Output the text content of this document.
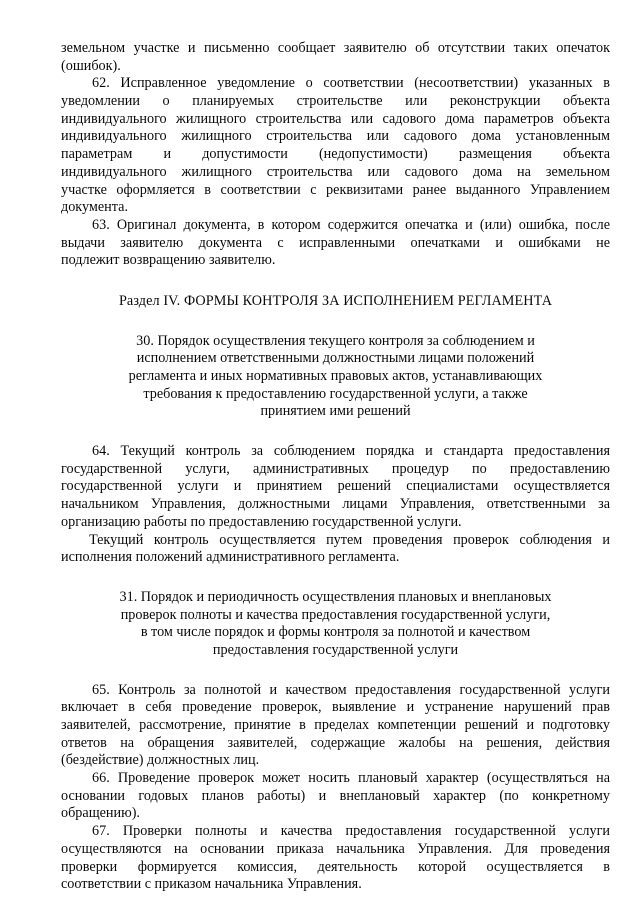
земельном участке и письменно сообщает заявителю об отсутствии таких опечаток
(ошибок).
62. Исправленное уведомление о соответствии (несоответствии) указанных в
уведомлении о планируемых строительстве или реконструкции объекта
индивидуального жилищного строительства или садового дома параметров объекта
индивидуального жилищного строительства или садового дома установленным
параметрам и допустимости (недопустимости) размещения объекта
индивидуального жилищного строительства или садового дома на земельном
участке оформляется в соответствии с реквизитами ранее выданного Управлением
документа.
63. Оригинал документа, в котором содержится опечатка и (или) ошибка, после
выдачи заявителю документа с исправленными опечатками и ошибками не
подлежит возвращению заявителю.
Раздел IV. ФОРМЫ КОНТРОЛЯ ЗА ИСПОЛНЕНИЕМ РЕГЛАМЕНТА
30. Порядок осуществления текущего контроля за соблюдением и
исполнением ответственными должностными лицами положений
регламента и иных нормативных правовых актов, устанавливающих
требования к предоставлению государственной услуги, а также
принятием ими решений
64. Текущий контроль за соблюдением порядка и стандарта предоставления
государственной услуги, административных процедур по предоставлению
государственной услуги и принятием решений специалистами осуществляется
начальником Управления, должностными лицами Управления, ответственными за
организацию работы по предоставлению государственной услуги.
Текущий контроль осуществляется путем проведения проверок соблюдения и
исполнения положений административного регламента.
31. Порядок и периодичность осуществления плановых и внеплановых
проверок полноты и качества предоставления государственной услуги,
в том числе порядок и формы контроля за полнотой и качеством
предоставления государственной услуги
65. Контроль за полнотой и качеством предоставления государственной услуги
включает в себя проведение проверок, выявление и устранение нарушений прав
заявителей, рассмотрение, принятие в пределах компетенции решений и подготовку
ответов на обращения заявителей, содержащие жалобы на решения, действия
(бездействие) должностных лиц.
66. Проведение проверок может носить плановый характер (осуществляться на
основании годовых планов работы) и внеплановый характер (по конкретному
обращению).
67. Проверки полноты и качества предоставления государственной услуги
осуществляются на основании приказа начальника Управления. Для проведения
проверки формируется комиссия, деятельность которой осуществляется в
соответствии с приказом начальника Управления.
